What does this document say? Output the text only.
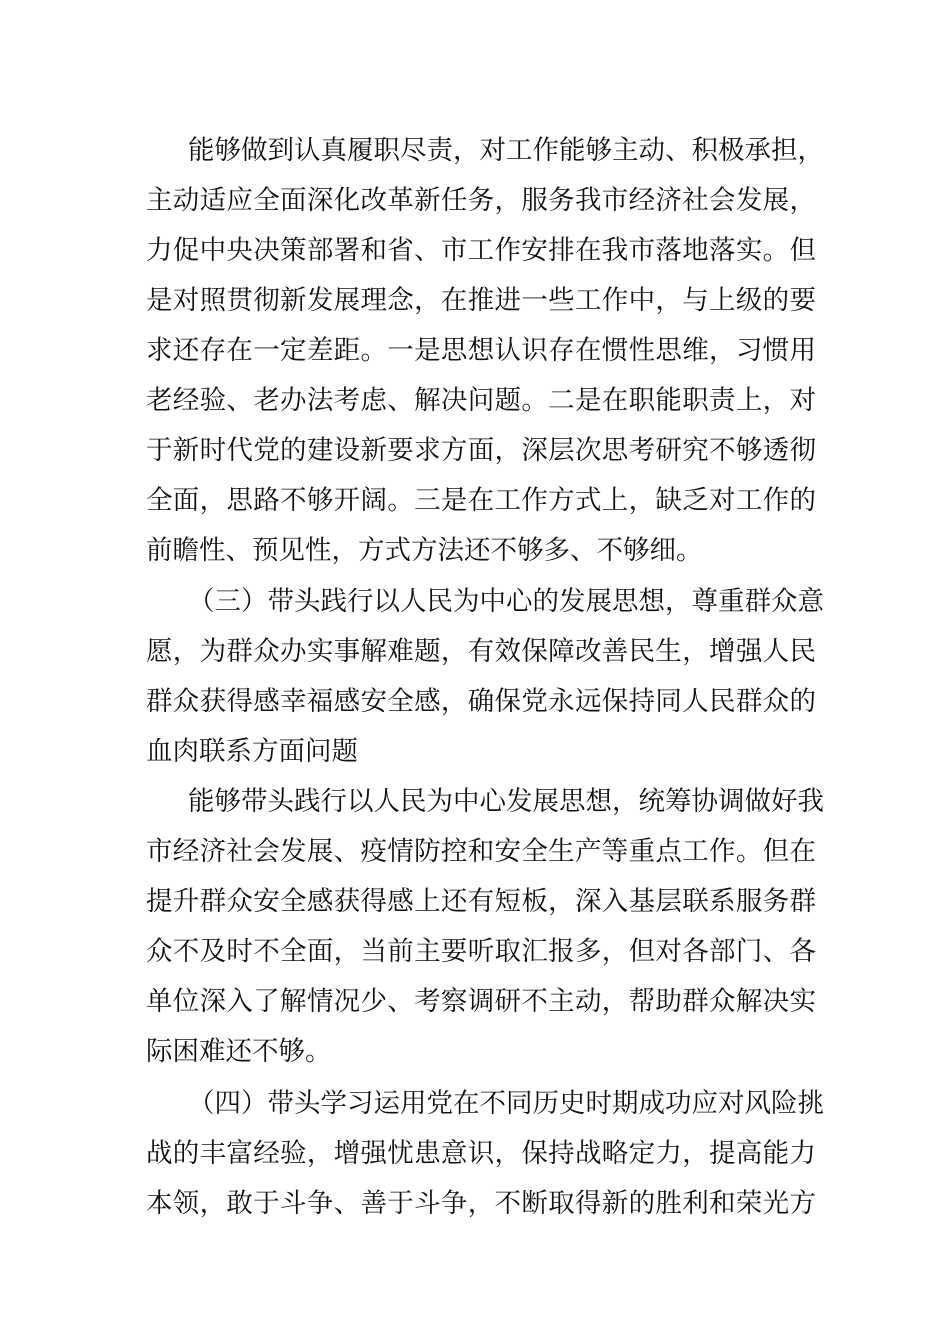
能够做到认真履职尽责，对工作能够主动、积极承担，
主动适应全面深化改革新任务，服务我市经济社会发展，
力促中央决策部署和省、市工作安排在我市落地落实。但
是对照贯彻新发展理念，在推进一些工作中，与上级的要
求还存在一定差距。一是思想认识存在惯性思维，习惯用
老经验、老办法考虑、解决问题。二是在职能职责上，对
于新时代党的建设新要求方面，深层次思考研究不够透彻
全面，思路不够开阔。三是在工作方式上，缺乏对工作的
前瞻性、预见性，方式方法还不够多、不够细。
（三）带头践行以人民为中心的发展思想，尊重群众意
愿，为群众办实事解难题，有效保障改善民生，增强人民
群众获得感幸福感安全感，确保党永远保持同人民群众的
血肉联系方面问题
能够带头践行以人民为中心发展思想，统筹协调做好我
市经济社会发展、疫情防控和安全生产等重点工作。但在
提升群众安全感获得感上还有短板，深入基层联系服务群
众不及时不全面，当前主要听取汇报多，但对各部门、各
单位深入了解情况少、考察调研不主动，帮助群众解决实
际困难还不够。
（四）带头学习运用党在不同历史时期成功应对风险挑
战的丰富经验，增强忧患意识，保持战略定力，提高能力
本领，敢于斗争、善于斗争，不断取得新的胜利和荣光方
